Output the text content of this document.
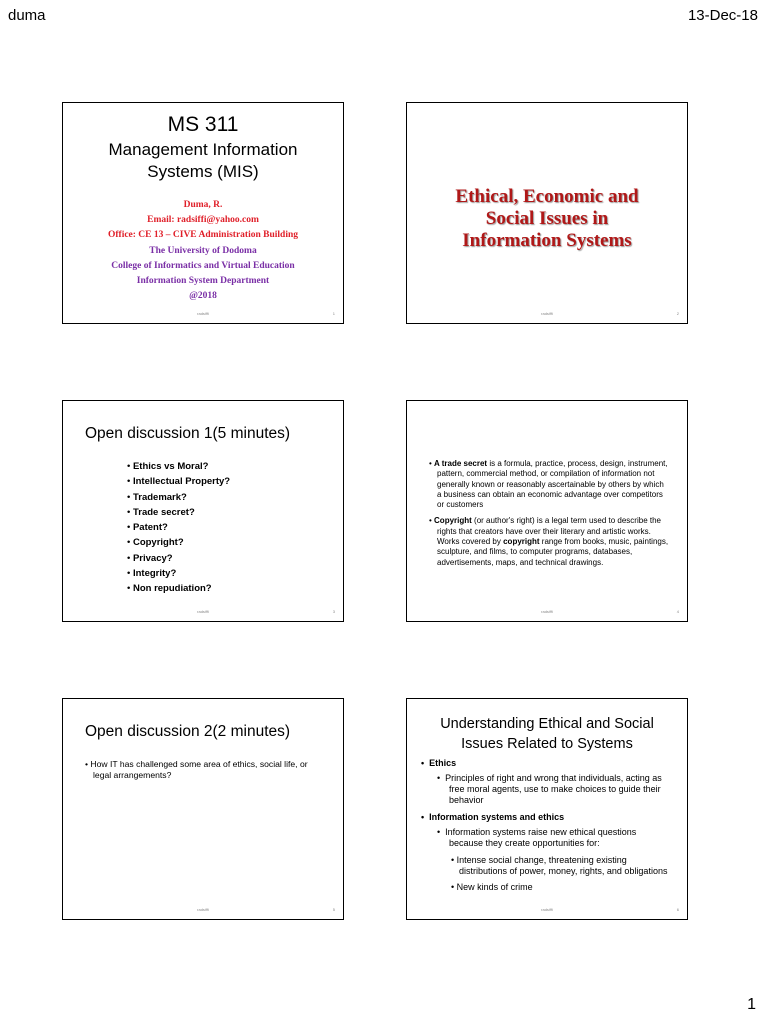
duma	13-Dec-18
MS 311
Management Information
Systems (MIS)
Duma, R.
Email: radsiffi@yahoo.com
Office: CE 13 – CIVE Administration Building
The University of Dodoma
College of Informatics and Virtual Education
Information System Department
@2018
radsiffi	1
Ethical, Economic and
Social Issues in
Information Systems
radsiffi	2
Open discussion 1(5 minutes)
• Ethics vs Moral?
• Intellectual Property?
• Trademark?
• Trade secret?
• Patent?
• Copyright?
• Privacy?
• Integrity?
• Non repudiation?
radsiffi	3
• A trade secret is a formula, practice, process, design, instrument, pattern, commercial method, or compilation of information not generally known or reasonably ascertainable by others by which a business can obtain an economic advantage over competitors or customers
• Copyright (or author's right) is a legal term used to describe the rights that creators have over their literary and artistic works. Works covered by copyright range from books, music, paintings, sculpture, and films, to computer programs, databases, advertisements, maps, and technical drawings.
radsiffi	4
Open discussion 2(2 minutes)
• How IT has challenged some area of ethics, social life, or legal arrangements?
radsiffi	5
Understanding Ethical and Social
Issues Related to Systems
•  Ethics
•  Principles of right and wrong that individuals, acting as free moral agents, use to make choices to guide their behavior
•  Information systems and ethics
•  Information systems raise new ethical questions because they create opportunities for:
• Intense social change, threatening existing distributions of power, money, rights, and obligations
• New kinds of crime
radsiffi	6
1
